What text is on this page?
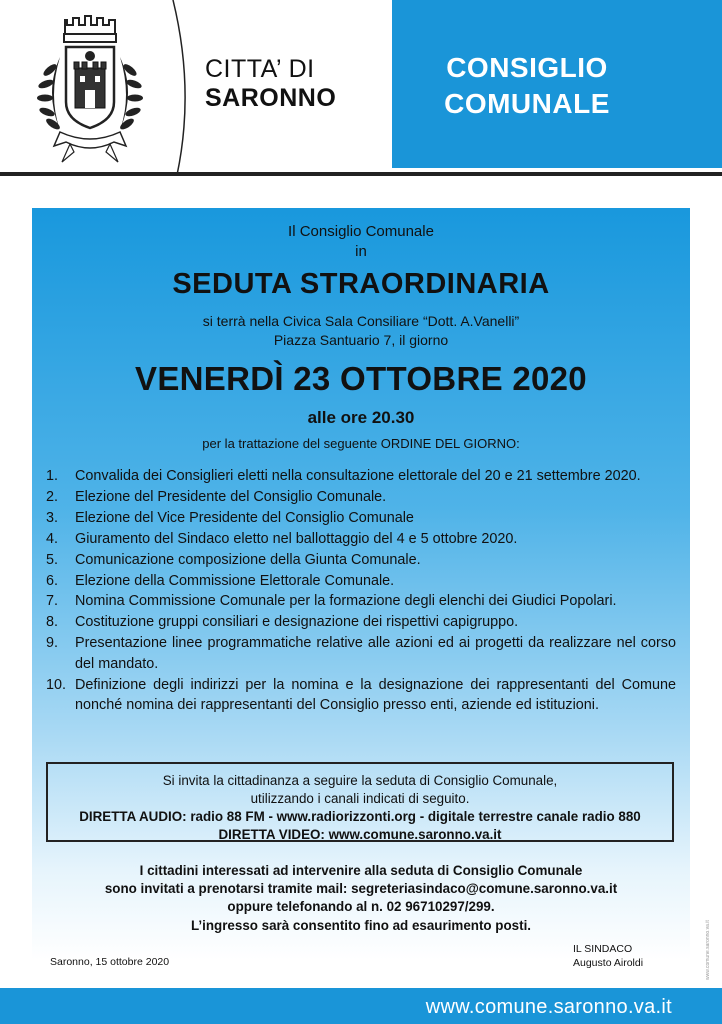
CITTA’ DI
SARONNO
CONSIGLIO
COMUNALE
Il Consiglio Comunale
in
SEDUTA STRAORDINARIA
si terrà nella Civica Sala Consiliare “Dott. A.Vanelli”
Piazza Santuario 7, il giorno
VENERDÌ 23 OTTOBRE 2020
alle ore 20.30
per la trattazione del seguente ORDINE DEL GIORNO:
1.	Convalida dei Consiglieri eletti nella consultazione elettorale del 20 e 21 settembre 2020.
2.	Elezione del Presidente del Consiglio Comunale.
3.	Elezione del Vice Presidente del Consiglio Comunale
4.	Giuramento del Sindaco eletto nel ballottaggio del 4 e 5 ottobre 2020.
5.	Comunicazione composizione della Giunta Comunale.
6.	Elezione della Commissione Elettorale Comunale.
7.	Nomina Commissione Comunale per la formazione degli elenchi dei Giudici Popolari.
8.	Costituzione gruppi consiliari e designazione dei rispettivi capigruppo.
9.	Presentazione linee programmatiche relative alle azioni ed ai progetti da realizzare nel corso del mandato.
10. Definizione degli indirizzi per la nomina e la designazione dei rappresentanti del Comune nonché nomina dei rappresentanti del Consiglio presso enti, aziende ed istituzioni.
Si invita la cittadinanza a seguire la seduta di Consiglio Comunale,
utilizzando i canali indicati di seguito.
DIRETTA AUDIO: radio 88 FM - www.radiorizzonti.org - digitale terrestre canale radio 880
DIRETTA VIDEO: www.comune.saronno.va.it
I cittadini interessati ad intervenire alla seduta di Consiglio Comunale
sono invitati a prenotarsi tramite mail: segreteriasindaco@comune.saronno.va.it
oppure telefonando al n. 02 96710297/299.
L’ingresso sarà consentito fino ad esaurimento posti.
Saronno, 15 ottobre 2020
IL SINDACO
Augusto Airoldi	www.comune.saronno.va.it
www.comune.saronno.va.it
